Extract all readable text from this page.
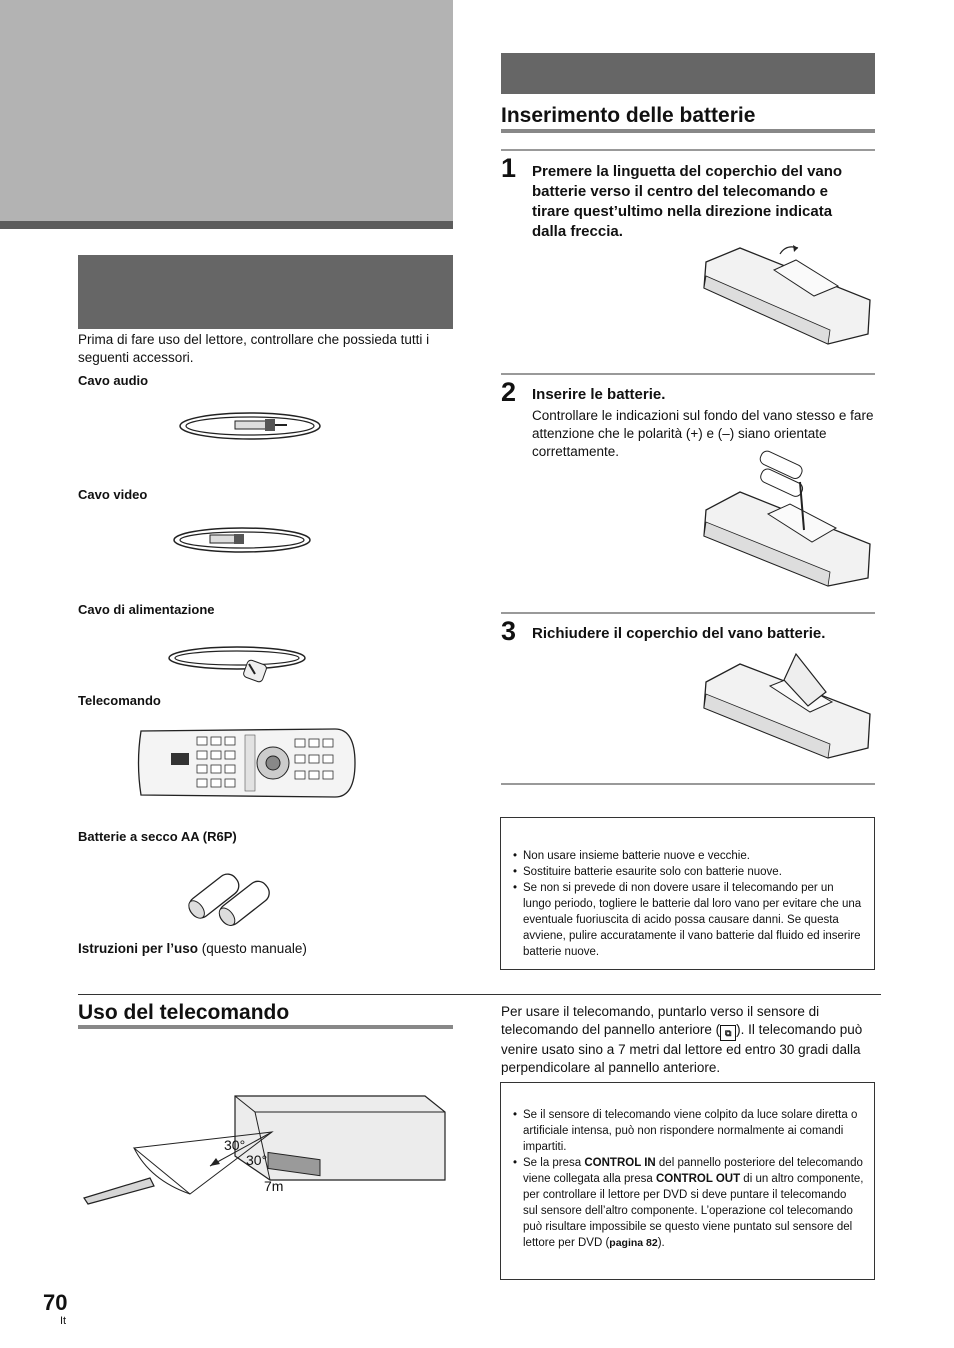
Prima di fare uso del lettore, controllare che possieda tutti i seguenti accessori.
Cavo audio
Cavo video
Cavo di alimentazione
Telecomando
Batterie a secco AA (R6P)
Istruzioni per l’uso (questo manuale)
Inserimento delle batterie
1 Premere la linguetta del coperchio del vano batterie verso il centro del telecomando e tirare quest’ultimo nella direzione indicata dalla freccia.
2 Inserire le batterie.
Controllare le indicazioni sul fondo del vano stesso e fare attenzione che le polarità (+) e (–) siano orientate correttamente.
3 Richiudere il coperchio del vano batterie.
• Non usare insieme batterie nuove e vecchie.
• Sostituire batterie esaurite solo con batterie nuove.
• Se non si prevede di non dovere usare il telecomando per un lungo periodo, togliere le batterie dal loro vano per evitare che una eventuale fuoriuscita di acido possa causare danni. Se questa avviene, pulire accuratamente il vano batterie dal fluido ed inserire batterie nuove.
Uso del telecomando	Per usare il telecomando, puntarlo verso il sensore di telecomando del pannello anteriore ( ⧉ ). Il telecomando può venire usato sino a 7 metri dal lettore ed entro 30 gradi dalla perpendicolare al pannello anteriore.
30°
30°
7m
• Se il sensore di telecomando viene colpito da luce solare diretta o artificiale intensa, può non rispondere normalmente ai comandi impartiti.
• Se la presa CONTROL IN del pannello posteriore del telecomando viene collegata alla presa CONTROL OUT di un altro componente, per controllare il lettore per DVD si deve puntare il telecomando sul sensore dell’altro componente. L’operazione col telecomando può risultare impossibile se questo viene puntato sul sensore del lettore per DVD (pagina 82).
70
It
